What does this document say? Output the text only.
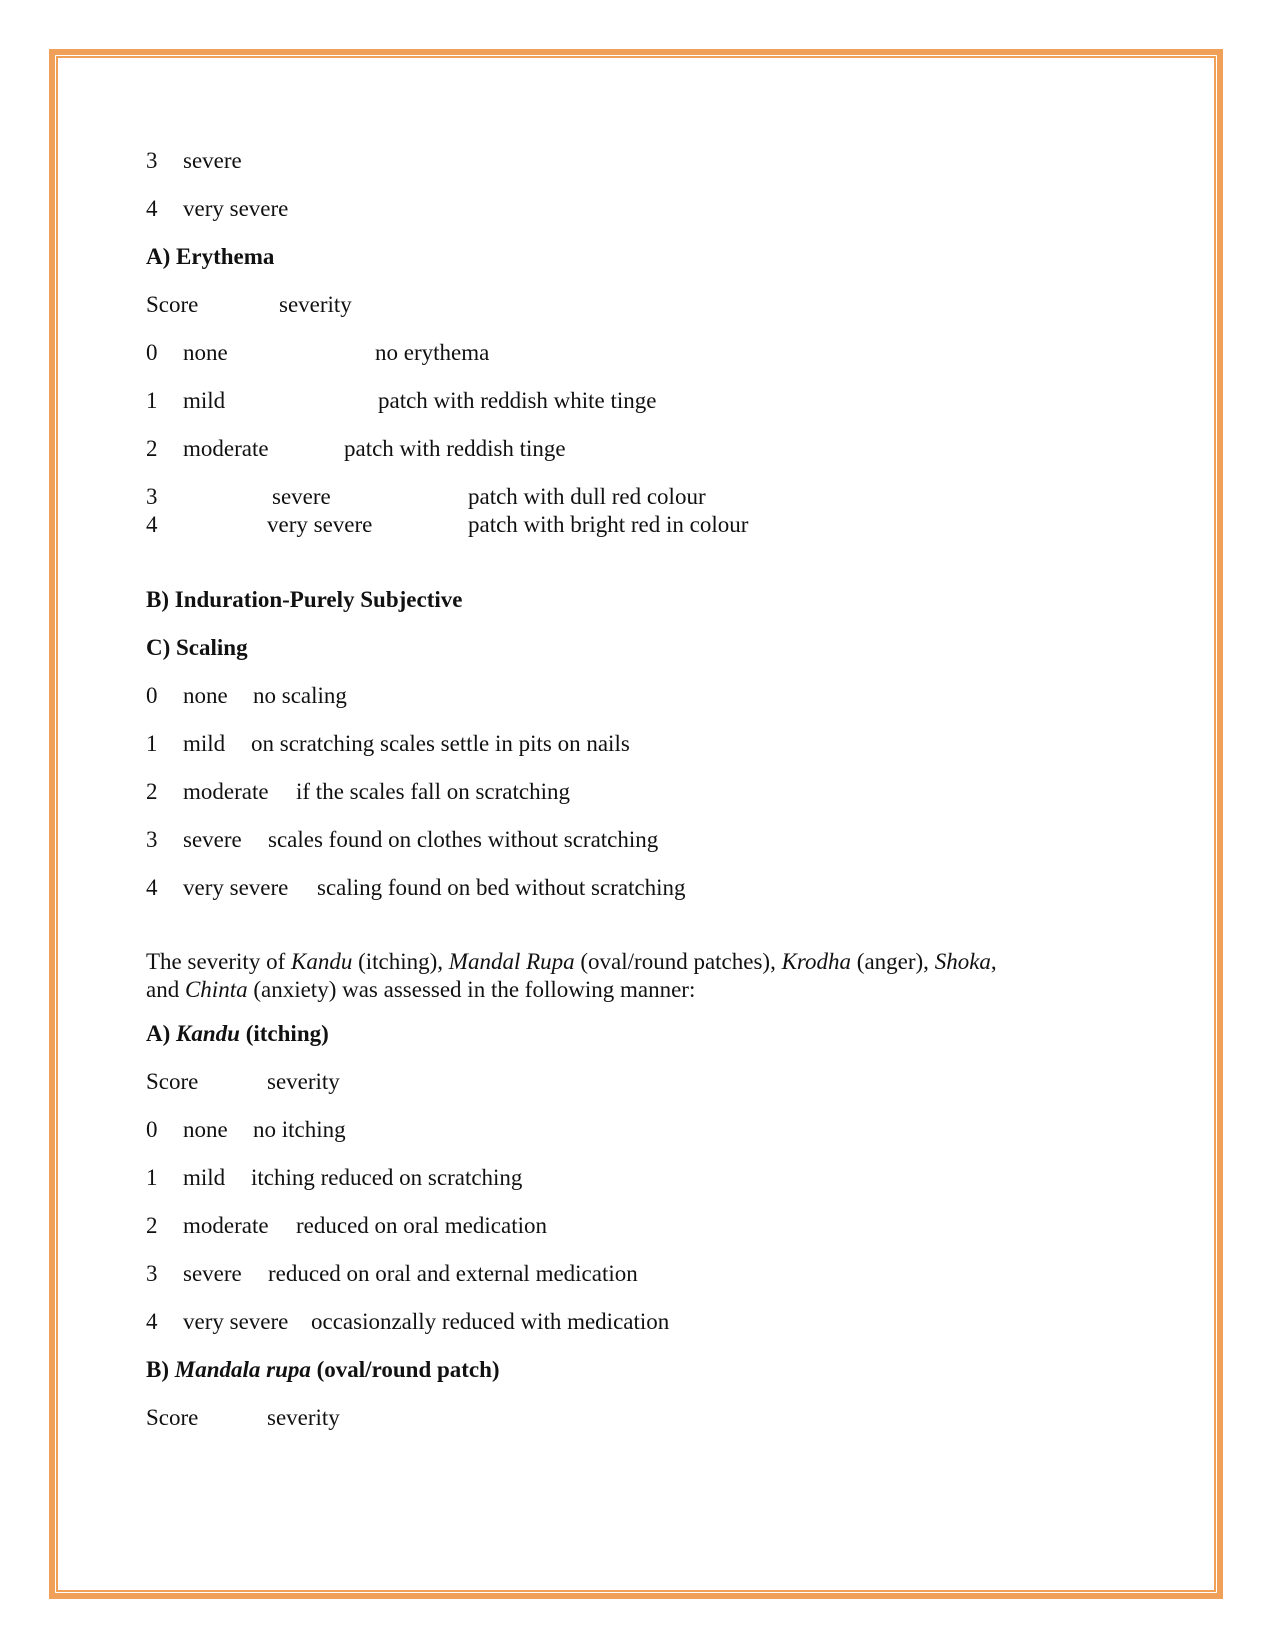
3 severe
4 very severe
A) Erythema
Score	severity
0 none	no erythema
1 mild	patch with reddish white tinge
2 moderate	patch with reddish tinge
3	severe	patch with dull red colour
4	very severe	patch with bright red in colour
B) Induration-Purely Subjective
C) Scaling
0 none no scaling
1 mild on scratching scales settle in pits on nails
2 moderate if the scales fall on scratching
3 severe scales found on clothes without scratching
4 very severe scaling found on bed without scratching
The severity of Kandu (itching), Mandal Rupa (oval/round patches), Krodha (anger), Shoka,
and Chinta (anxiety) was assessed in the following manner:
A) Kandu (itching)
Score	severity
0 none no itching
1 mild itching reduced on scratching
2 moderate reduced on oral medication
3 severe reduced on oral and external medication
4 very severe occasionzally reduced with medication
B) Mandala rupa (oval/round patch)
Score	severity
